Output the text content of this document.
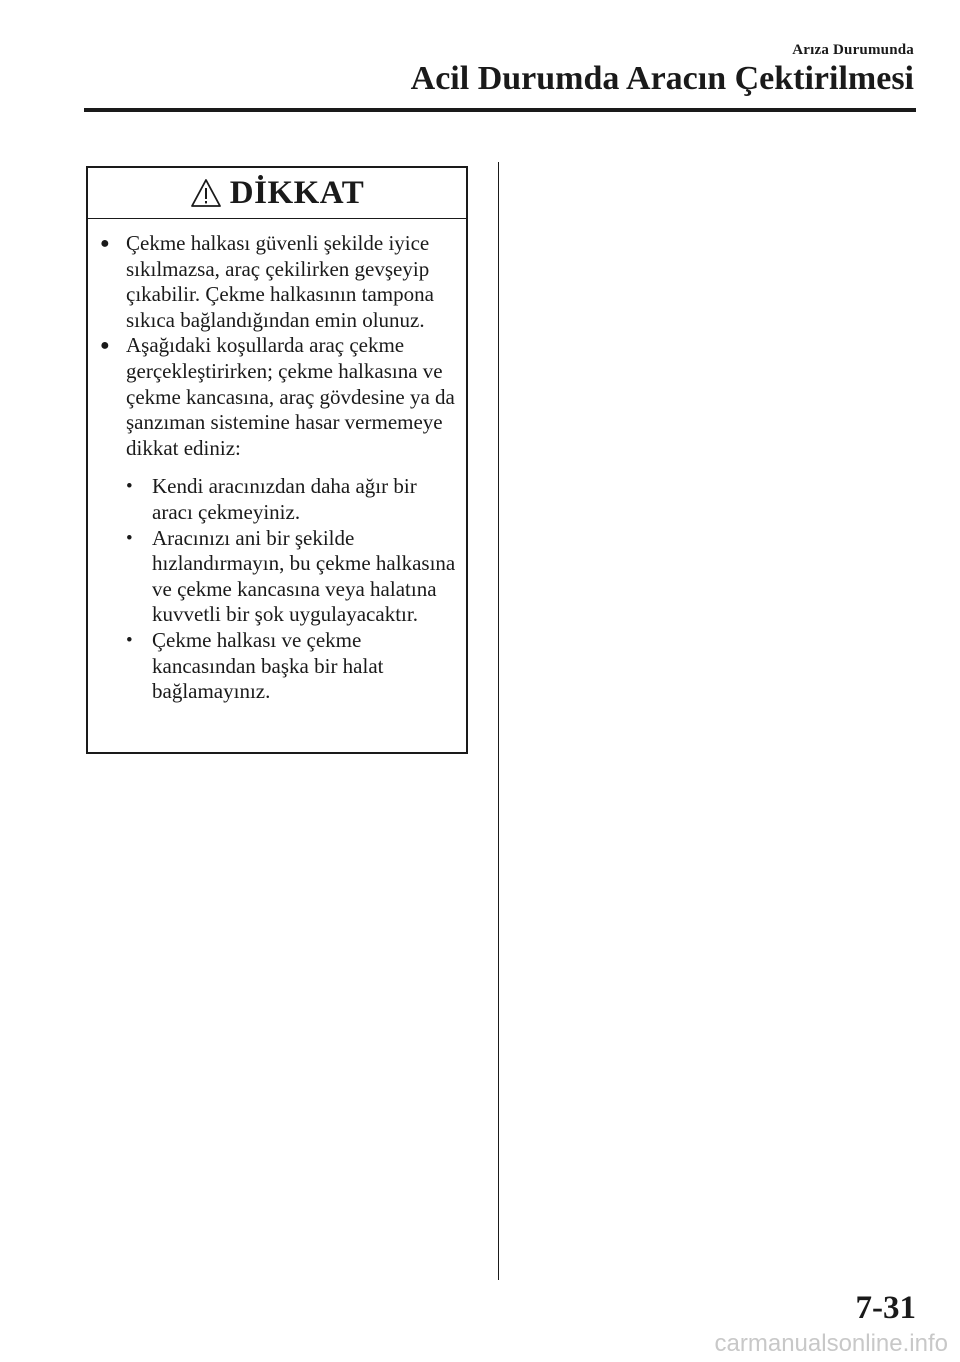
Arıza Durumunda
Acil Durumda Aracın Çektirilmesi
DİKKAT
● Çekme halkası güvenli şekilde iyice sıkılmazsa, araç çekilirken gevşeyip çıkabilir. Çekme halkasının tampona sıkıca bağlandığından emin olunuz.
● Aşağıdaki koşullarda araç çekme gerçekleştirirken; çekme halkasına ve çekme kancasına, araç gövdesine ya da şanzıman sistemine hasar vermemeye dikkat ediniz:
• Kendi aracınızdan daha ağır bir aracı çekmeyiniz.
• Aracınızı ani bir şekilde hızlandırmayın, bu çekme halkasına ve çekme kancasına veya halatına kuvvetli bir şok uygulayacaktır.
• Çekme halkası ve çekme kancasından başka bir halat bağlamayınız.
7-31
carmanualsonline.info
